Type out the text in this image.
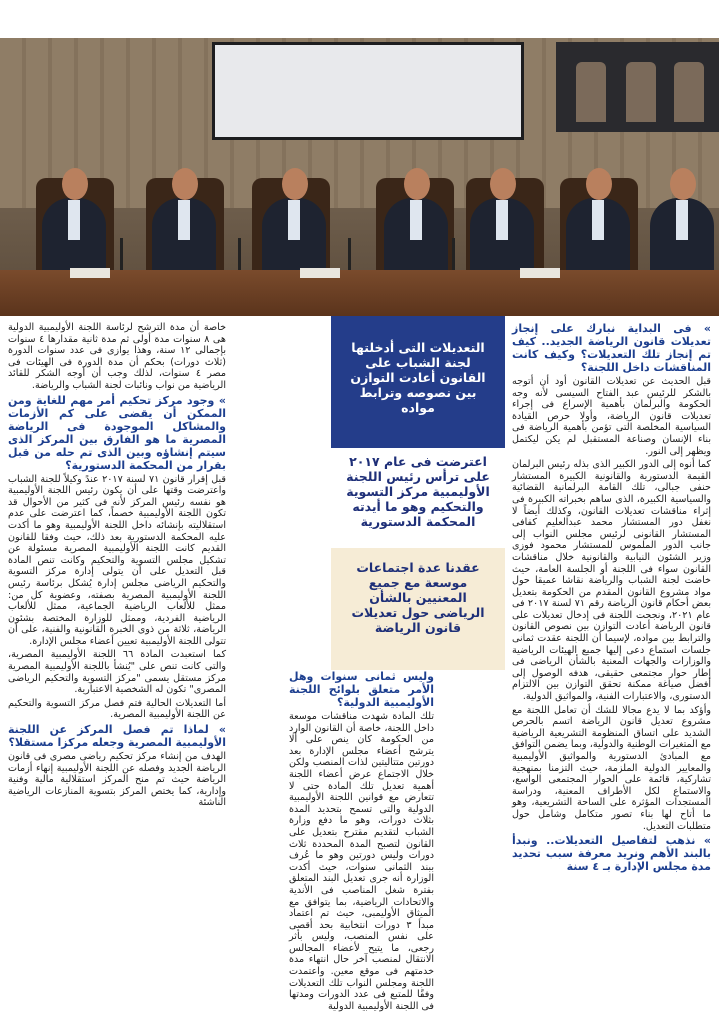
» فى البداية نبارك على إنجاز تعديلات قانون الرياضة الجديد.. كيف تم إنجاز تلك التعديلات؟ وكيف كانت المناقشات داخل اللجنة؟

قبل الحديث عن تعديلات القانون أود أن أتوجه بالشكر للرئيس عبد الفتاح السيسى لأنه وجه الحكومة والبرلمان بأهمية الإسراع فى إجراء تعديلات قانون الرياضة، وأولا حرص القيادة السياسية المخلصة التى تؤمن بأهمية الرياضة فى بناء الإنسان وصناعة المستقبل لم يكن ليكتمل ويظهر إلى النور.

كما أنوه إلى الدور الكبير الذى بذله رئيس البرلمان القيمة الدستورية والقانونية الكبيرة المستشار حنفى جبالى، تلك القامة البرلمانية القضائية والسياسية الكبيرة، الذى ساهم بخبراته الكبيرة فى إثراء مناقشات تعديلات القانون، وكذلك أيضاً لا نغفل دور المستشار محمد عبدالعليم كفافى المستشار القانونى لرئيس مجلس النواب إلى جانب الدور الملموس للمستشار محمود فوزى وزير الشئون النيابية والقانونية خلال مناقشات القانون سواء فى اللجنة أو الجلسة العامة، حيث خاضت لجنة الشباب والرياضة نقاشا عميقا حول مواد مشروع القانون المقدم من الحكومة بتعديل بعض أحكام قانون الرياضة رقم ٧١ لسنة ٢٠١٧ فى عام ٢٠٢١، ونجحت اللجنة فى إدخال تعديلات على قانون الرياضة أعادت التوازن بين نصوص القانون والترابط بين مواده، لإسيما أن اللجنة عقدت ثمانى جلسات استماع دعى إليها جميع الهيئات الرياضية والوزارات والجهات المعنية بالشأن الرياضى فى إطار حوار مجتمعى حقيقى، هدفه الوصول إلى أفضل صياغة ممكنة تحقق التوازن بين الالتزام الدستورى، والاعتبارات الفنية، والمواثيق الدولية.

وأؤكد بما لا يدع مجالا للشك أن تعامل اللجنة مع مشروع تعديل قانون الرياضة اتسم بالحرص الشديد على اتساق المنظومة التشريعية الرياضية مع المتغيرات الوطنية والدولية، وبما يضمن التوافق مع المبادئ الدستورية والمواثيق الأوليمبية والمعايير الدولية الملزمة، حيث التزمنا بمنهجية تشاركية، قائمة على الحوار المجتمعى الواسع، والاستماع لكل الأطراف المعنية، ودراسة المستجدات المؤثرة على الساحة التشريعية، وهو ما أتاح لها بناء تصور متكامل وشامل حول متطلبات التعديل.

» نذهب لتفاصيل التعديلات.. ونبدأ بالبند الأهم ونريد معرفة سبب تحديد مدة مجلس الإدارة بـ ٤ سنة
التعديلات التى أدخلتها لجنة الشباب على القانون أعادت التوازن بين نصوصه وترابط مواده
اعترضت فى عام ٢٠١٧ على ترأس رئيس اللجنة الأوليمبية مركز التسوية والتحكيم وهو ما أيدته المحكمة الدستورية
عقدنا عدة اجتماعات موسعة مع جميع المعنيين بالشأن الرياضى حول تعديلات قانون الرياضة
وليس ثمانى سنوات وهل الأمر متعلق بلوائح اللجنة الأوليمبية الدولية؟

تلك المادة شهدت مناقشات موسعة داخل اللجنة، خاصة أن القانون الوارد من الحكومة كان ينص على ألا يترشح أعضاء مجلس الإدارة بعد دورتين متتاليتين لذات المنصب ولكن خلال الاجتماع عرض أعضاء اللجنة أهمية تعديل تلك المادة حتى لا تتعارض مع قوانين اللجنة الأوليمبية الدولية والتى تسمح بتحديد المدة بثلاث دورات، وهو ما دفع وزارة الشباب لتقديم مقترح بتعديل على القانون لتصبح المدة المحددة ثلاث دورات وليس دورتين وهو ما عُرف ببند الثمانى سنوات، حيث أكدت الوزارة أنه جرى تعديل البند المتعلق بفترة شغل المناصب فى الأندية والاتحادات الرياضية، بما يتوافق مع الميثاق الأوليمبى، حيث تم اعتماد مبدأ ٣ دورات انتخابية بحد أقصى على نفس المنصب، وليس بأثر رجعى، ما يتيح لأعضاء المجالس الانتقال لمنصب آخر حال انتهاء مدة خدمتهم فى موقع معين. واعتمدت اللجنة ومجلس النواب تلك التعديلات وفقًا للمتبع فى عدد الدورات ومدتها فى اللجنة الأوليمبية الدولية

خاصة أن مدة الترشح لرئاسة اللجنة الأوليمبية الدولية هى ٨ سنوات مدة أولى ثم مدة ثانية مقدارها ٤ سنوات بإجمالى ١٢ سنة، وهذا يوازى فى عدد سنوات الدورة (ثلاث دورات) بحكم أن مدة الدورة فى الهيئات فى مصر ٤ سنوات، لذلك وجب أن أوجه الشكر للقائد الرياضية من نواب ونائبات لجنة الشباب والرياضة.

» وجود مركز تحكيم أمر مهم للغاية ومن الممكن أن يقضى على كم الأزمات والمشاكل الموجودة فى الرياضة المصرية ما هو الفارق بين المركز الذى سيتم إنشاؤه وبين الذى تم حله من قبل بقرار من المحكمة الدستورية؟

قبل إقرار قانون ٧١ لسنة ٢٠١٧ عندً وكيلاً للجنة الشباب واعترضت وقتها على أن يكون رئيس اللجنة الأوليمبية هو نفسه رئيس المركز لأنه فى كثير من الأحوال قد تكون اللجنة الأوليمبية خصماً، كما اعترضت على عدم استقلاليته بإنشائه داخل اللجنة الأوليمبية وهو ما أكدت عليه المحكمة الدستورية بعد ذلك، حيث وفقا للقانون القديم كانت اللجنة الأوليمبية المصرية مسئولة عن تشكيل مجلس التسوية والتحكيم وكانت تنص المادة قبل التعديل على أن يتولى إدارة مركز التسوية والتحكيم الرياضى مجلس إدارة يُشكل برئاسة رئيس اللجنة الأوليمبية المصرية بصفته، وعضوية كل من: ممثل للألعاب الرياضية الجماعية، ممثل للألعاب الرياضية الفردية، وممثل للوزارة المختصة بشئون الرياضة، ثلاثة من ذوى الخبرة القانونية والفنية، على أن تتولى اللجنة الأوليمبية تعيين أعضاء مجلس الإدارة.

كما استعبدت المادة ٦٦ اللجنة الأوليمبية المصرية، والتى كانت تنص على "يُنشأ باللجنة الأوليمبية المصرية مركز مستقل يسمى "مركز التسوية والتحكيم الرياضى المصرى" تكون له الشخصية الاعتبارية.

أما التعديلات الحالية فتم فصل مركز التسوية والتحكيم عن اللجنة الأوليمبية المصرية.

» لماذا تم فصل المركز عن اللجنة الأوليمبية المصرية وجعله مركزا مستقلا؟

الهدف من إنشاء مركز تحكيم رياضى مصرى فى قانون الرياضة الجديد وفصله عن اللجنة الأوليمبية إنهاء أزمات الرياضة حيث تم منح المركز استقلالية مالية وفنية وإدارية، كما يختص المركز بتسوية المنازعات الرياضية الناشئة
